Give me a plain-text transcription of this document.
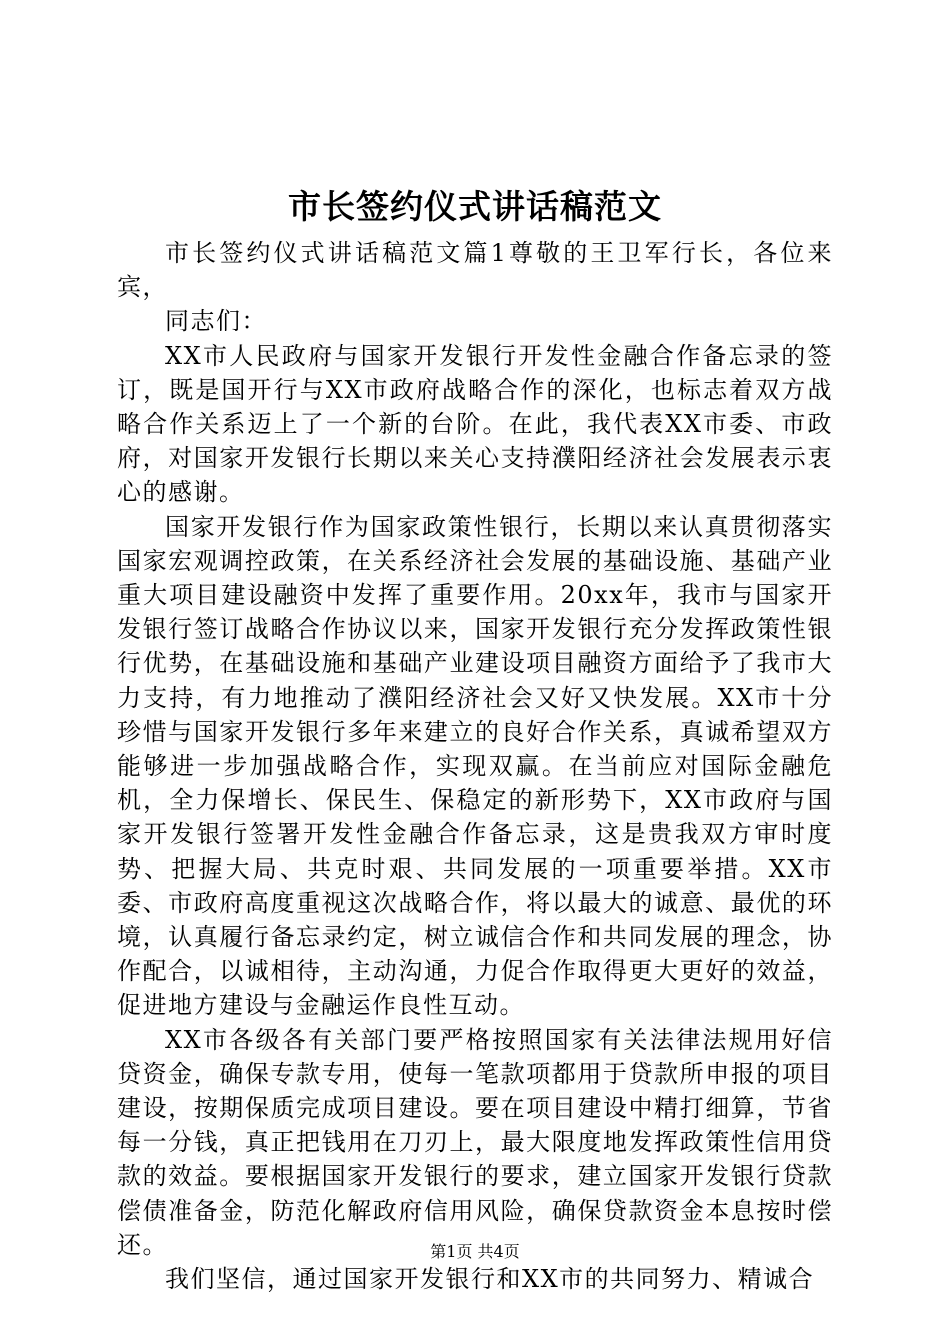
市长签约仪式讲话稿范文

市长签约仪式讲话稿范文篇1尊敬的王卫军行长，各位来宾，

同志们：

XX市人民政府与国家开发银行开发性金融合作备忘录的签订，既是国开行与XX市政府战略合作的深化，也标志着双方战略合作关系迈上了一个新的台阶。在此，我代表XX市委、市政府，对国家开发银行长期以来关心支持濮阳经济社会发展表示衷心的感谢。

国家开发银行作为国家政策性银行，长期以来认真贯彻落实国家宏观调控政策，在关系经济社会发展的基础设施、基础产业重大项目建设融资中发挥了重要作用。20xx年，我市与国家开发银行签订战略合作协议以来，国家开发银行充分发挥政策性银行优势，在基础设施和基础产业建设项目融资方面给予了我市大力支持，有力地推动了濮阳经济社会又好又快发展。XX市十分珍惜与国家开发银行多年来建立的良好合作关系，真诚希望双方能够进一步加强战略合作，实现双赢。在当前应对国际金融危机，全力保增长、保民生、保稳定的新形势下，XX市政府与国家开发银行签署开发性金融合作备忘录，这是贵我双方审时度势、把握大局、共克时艰、共同发展的一项重要举措。XX市委、市政府高度重视这次战略合作，将以最大的诚意、最优的环境，认真履行备忘录约定，树立诚信合作和共同发展的理念，协作配合，以诚相待，主动沟通，力促合作取得更大更好的效益，促进地方建设与金融运作良性互动。

XX市各级各有关部门要严格按照国家有关法律法规用好信贷资金，确保专款专用，使每一笔款项都用于贷款所申报的项目建设，按期保质完成项目建设。要在项目建设中精打细算，节省每一分钱，真正把钱用在刀刃上，最大限度地发挥政策性信用贷款的效益。要根据国家开发银行的要求，建立国家开发银行贷款偿债准备金，防范化解政府信用风险，确保贷款资金本息按时偿还。

我们坚信，通过国家开发银行和XX市的共同努力、精诚合

第1页 共4页
